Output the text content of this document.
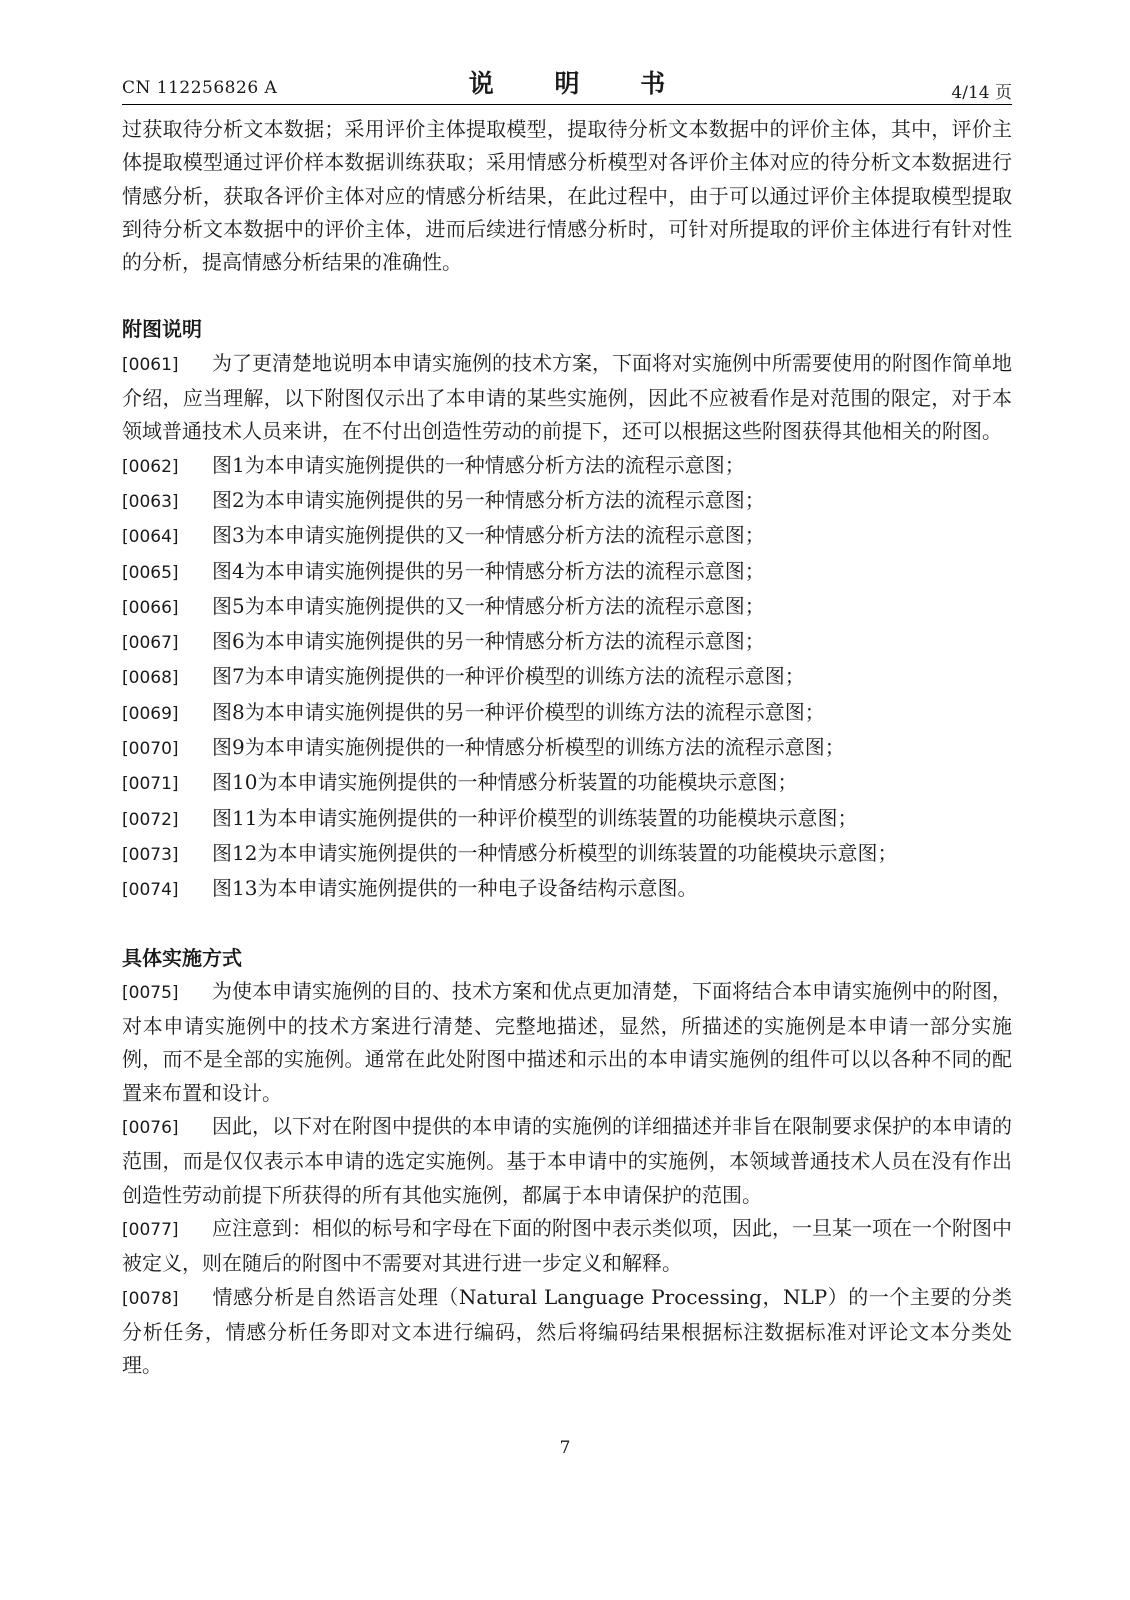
CN 112256826 A	说 明 书	4/14 页

过获取待分析文本数据；采用评价主体提取模型，提取待分析文本数据中的评价主体，其中，评价主体提取模型通过评价样本数据训练获取；采用情感分析模型对各评价主体对应的待分析文本数据进行情感分析，获取各评价主体对应的情感分析结果，在此过程中，由于可以通过评价主体提取模型提取到待分析文本数据中的评价主体，进而后续进行情感分析时，可针对所提取的评价主体进行有针对性的分析，提高情感分析结果的准确性。

附图说明

[0061] 为了更清楚地说明本申请实施例的技术方案，下面将对实施例中所需要使用的附图作简单地介绍，应当理解，以下附图仅示出了本申请的某些实施例，因此不应被看作是对范围的限定，对于本领域普通技术人员来讲，在不付出创造性劳动的前提下，还可以根据这些附图获得其他相关的附图。

[0062] 图1为本申请实施例提供的一种情感分析方法的流程示意图；

[0063] 图2为本申请实施例提供的另一种情感分析方法的流程示意图；

[0064] 图3为本申请实施例提供的又一种情感分析方法的流程示意图；

[0065] 图4为本申请实施例提供的另一种情感分析方法的流程示意图；

[0066] 图5为本申请实施例提供的又一种情感分析方法的流程示意图；

[0067] 图6为本申请实施例提供的另一种情感分析方法的流程示意图；

[0068] 图7为本申请实施例提供的一种评价模型的训练方法的流程示意图；

[0069] 图8为本申请实施例提供的另一种评价模型的训练方法的流程示意图；

[0070] 图9为本申请实施例提供的一种情感分析模型的训练方法的流程示意图；

[0071] 图10为本申请实施例提供的一种情感分析装置的功能模块示意图；

[0072] 图11为本申请实施例提供的一种评价模型的训练装置的功能模块示意图；

[0073] 图12为本申请实施例提供的一种情感分析模型的训练装置的功能模块示意图；

[0074] 图13为本申请实施例提供的一种电子设备结构示意图。

具体实施方式

[0075] 为使本申请实施例的目的、技术方案和优点更加清楚，下面将结合本申请实施例中的附图，对本申请实施例中的技术方案进行清楚、完整地描述，显然，所描述的实施例是本申请一部分实施例，而不是全部的实施例。通常在此处附图中描述和示出的本申请实施例的组件可以以各种不同的配置来布置和设计。

[0076] 因此，以下对在附图中提供的本申请的实施例的详细描述并非旨在限制要求保护的本申请的范围，而是仅仅表示本申请的选定实施例。基于本申请中的实施例，本领域普通技术人员在没有作出创造性劳动前提下所获得的所有其他实施例，都属于本申请保护的范围。

[0077] 应注意到：相似的标号和字母在下面的附图中表示类似项，因此，一旦某一项在一个附图中被定义，则在随后的附图中不需要对其进行进一步定义和解释。

[0078] 情感分析是自然语言处理（Natural Language Processing，NLP）的一个主要的分类分析任务，情感分析任务即对文本进行编码，然后将编码结果根据标注数据标准对评论文本分类处理。

7
